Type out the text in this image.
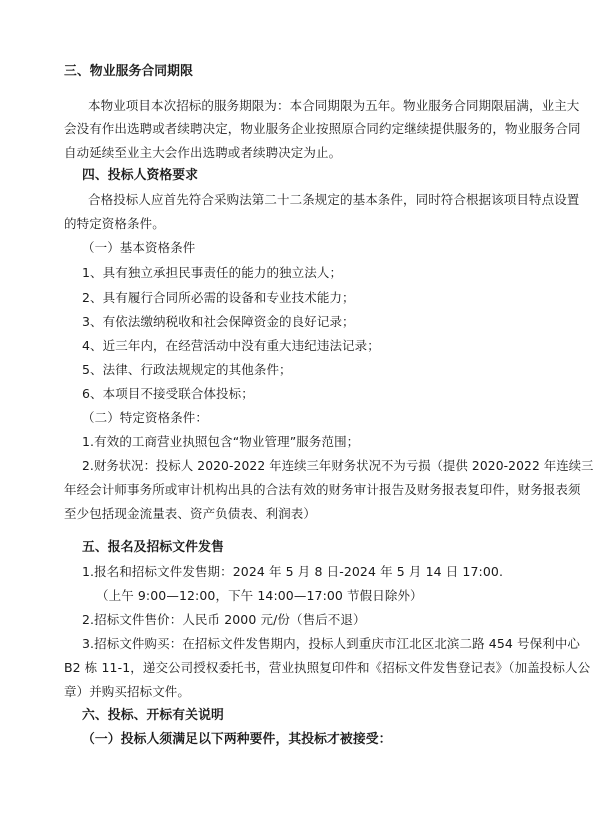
三、物业服务合同期限
本物业项目本次招标的服务期限为：本合同期限为五年。物业服务合同期限届满，业主大
会没有作出选聘或者续聘决定，物业服务企业按照原合同约定继续提供服务的，物业服务合同
自动延续至业主大会作出选聘或者续聘决定为止。
四、投标人资格要求
合格投标人应首先符合采购法第二十二条规定的基本条件，同时符合根据该项目特点设置
的特定资格条件。
（一）基本资格条件
1、具有独立承担民事责任的能力的独立法人；
2、具有履行合同所必需的设备和专业技术能力；
3、有依法缴纳税收和社会保障资金的良好记录；
4、近三年内，在经营活动中没有重大违纪违法记录；
5、法律、行政法规规定的其他条件；
6、本项目不接受联合体投标；
（二）特定资格条件：
1.有效的工商营业执照包含“物业管理”服务范围；
2.财务状况：投标人 2020-2022 年连续三年财务状况不为亏损（提供 2020-2022 年连续三
年经会计师事务所或审计机构出具的合法有效的财务审计报告及财务报表复印件，财务报表须
至少包括现金流量表、资产负债表、利润表）
五、报名及招标文件发售
1.报名和招标文件发售期：2024 年 5 月 8 日-2024 年 5 月 14 日 17:00.
（上午 9:00—12:00，下午 14:00—17:00 节假日除外）
2.招标文件售价：人民币 2000 元/份（售后不退）
3.招标文件购买：在招标文件发售期内，投标人到重庆市江北区北滨二路 454 号保利中心
B2 栋 11-1，递交公司授权委托书，营业执照复印件和《招标文件发售登记表》（加盖投标人公
章）并购买招标文件。
六、投标、开标有关说明
（一）投标人须满足以下两种要件，其投标才被接受：
